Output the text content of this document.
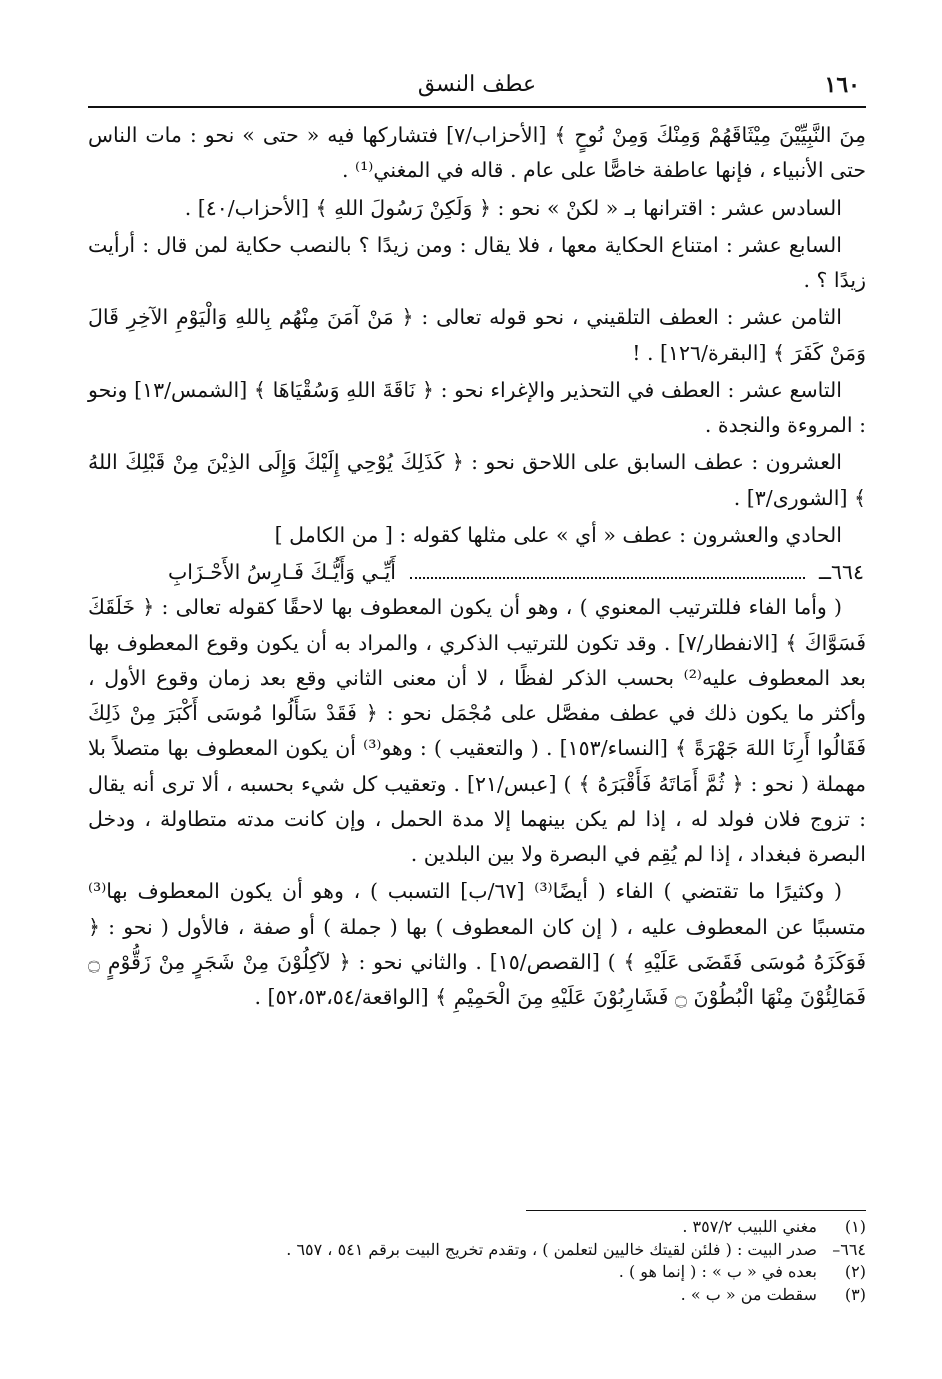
١٦٠
عطف النسق

مِنَ النَّبِيِّيْنَ مِيْثَاقَهُمْ وَمِنْكَ وَمِنْ نُوحٍ ﴾ [الأحزاب/٧] فتشاركها فيه « حتى » نحو : مات الناس حتى الأنبياء ، فإنها عاطفة خاصًّا على عام . قاله في المغني⁽¹⁾ .

السادس عشر : اقترانها بـ « لكنْ » نحو : ﴿ وَلَكِنْ رَسُولَ اللهِ ﴾ [الأحزاب/٤٠] .

السابع عشر : امتناع الحكاية معها ، فلا يقال : ومن زيدًا ؟ بالنصب حكاية لمن قال : أرأيت زيدًا ؟ .

الثامن عشر : العطف التلقيني ، نحو قوله تعالى : ﴿ مَنْ آمَنَ مِنْهُم بِاللهِ وَالْيَوْمِ الآخِرِ قَالَ وَمَنْ كَفَرَ ﴾ [البقرة/١٢٦] . !

التاسع عشر : العطف في التحذير والإغراء نحو : ﴿ نَاقَةَ اللهِ وَسُقْيَاهَا ﴾ [الشمس/١٣] ونحو : المروءة والنجدة .

العشرون : عطف السابق على اللاحق نحو : ﴿ كَذَلِكَ يُوْحِي إِلَيْكَ وَإِلَى الذِيْنَ مِنْ قَبْلِكَ اللهُ ﴾ [الشورى/٣] .

الحادي والعشرون : عطف « أي » على مثلها كقوله : [ من الكامل ]

٦٦٤ــ
أَيِّـي وَأَيُّـكَ فَـارِسُ الأَحْـزَابِ

( وأما الفاء فللترتيب المعنوي ) ، وهو أن يكون المعطوف بها لاحقًا كقوله تعالى : ﴿ خَلَقَكَ فَسَوَّاكَ ﴾ [الانفطار/٧] . وقد تكون للترتيب الذكري ، والمراد به أن يكون وقوع المعطوف بها بعد المعطوف عليه⁽²⁾ بحسب الذكر لفظًا ، لا أن معنى الثاني وقع بعد زمان وقوع الأول ، وأكثر ما يكون ذلك في عطف مفصَّل على مُجْمَل نحو : ﴿ فَقَدْ سَأَلُوا مُوسَى أَكْبَرَ مِنْ ذَلِكَ فَقَالُوا أَرِنَا اللهَ جَهْرَةً ﴾ [النساء/١٥٣] . ( والتعقيب ) : وهو⁽³⁾ أن يكون المعطوف بها متصلاً بلا مهملة ( نحو : ﴿ ثُمَّ أَمَاتَهُ فَأَقْبَرَهُ ﴾ ) [عبس/٢١] . وتعقيب كل شيء بحسبه ، ألا ترى أنه يقال : تزوج فلان فولد له ، إذا لم يكن بينهما إلا مدة الحمل ، وإن كانت مدته متطاولة ، ودخل البصرة فبغداد ، إذا لم يُقِم في البصرة ولا بين البلدين .

( وكثيرًا ما تقتضي ) الفاء ( أيضًا⁽³⁾ [٦٧/ب] التسبب ) ، وهو أن يكون المعطوف بها⁽³⁾ متسببًا عن المعطوف عليه ، ( إن كان المعطوف ) بها ( جملة ) أو صفة ، فالأول ( نحو : ﴿ فَوَكَزَهُ مُوسَى فَقَضَى عَلَيْهِ ﴾ ) [القصص/١٥] . والثاني نحو : ﴿ لآكِلُوْنَ مِنْ شَجَرٍ مِنْ زَقُّوْمٍ ۝ فَمَالِئُوْنَ مِنْهَا الْبُطُوْنَ ۝ فَشَارِبُوْنَ عَلَيْهِ مِنَ الْحَمِيْمِ ﴾ [الواقعة/٥٢،٥٣،٥٤] .

(١) مغني اللبيب ٣٥٧/٢ .
٦٦٤– صدر البيت : ( فلئن لقيتك خاليين لتعلمن ) ، وتقدم تخريج البيت برقم ٥٤١ ، ٦٥٧ .
(٢) بعده في « ب » : ( إنما هو ) .
(٣) سقطت من « ب » .
